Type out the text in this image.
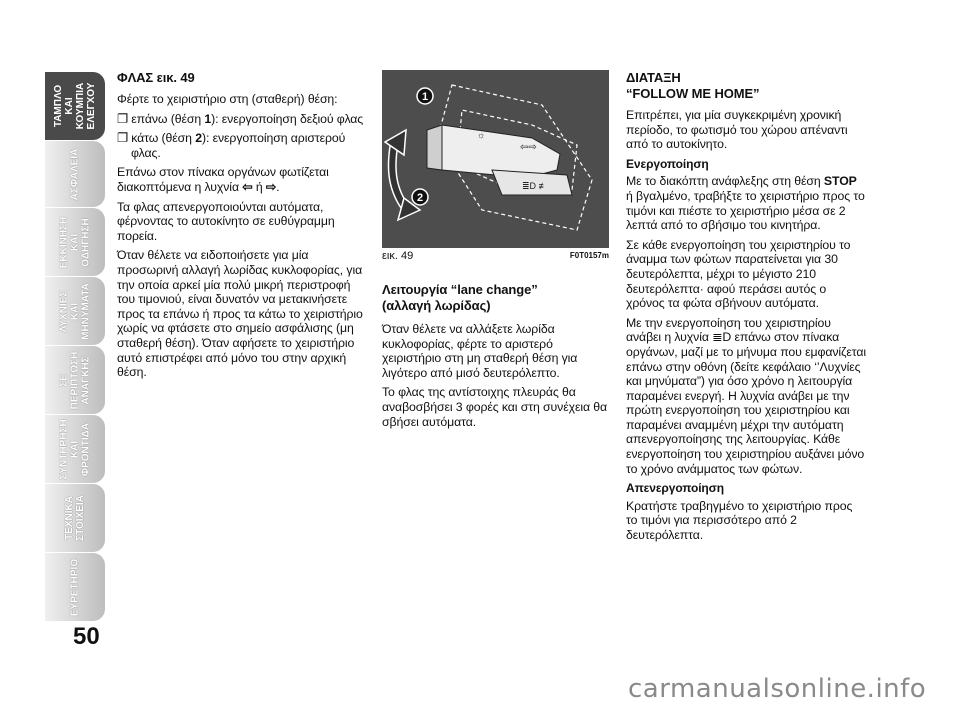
ΤΑΜΠΛΟ ΚΑΙ
ΚΟΥΜΠΙΑ
ΕΛΕΓΧΟΥ
ΑΣΦΑΛΕΙΑ
ΕΚΚΙΝΗΣΗ ΚΑΙ
ΟΔΗΓΗΣΗ
ΛΥΧΝΙΕΣ ΚΑΙ
ΜΗΝΥΜΑΤΑ
ΣΕ ΠΕΡΙΠΤΩΣΗ
ΑΝΑΓΚΗΣ
ΣΥΝΤΗΡΗΣΗ ΚΑΙ
ΦΡΟΝΤΙΔΑ
ΤΕΧΝΙΚΑ
ΣΤΟΙΧΕΙΑ
ΕΥΡΕΤΗΡΙΟ
50
ΦΛΑΣ εικ. 49

Φέρτε το χειριστήριο στη (σταθερή) θέση:

❐ επάνω (θέση 1): ενεργοποίηση δεξιού φλας

❐ κάτω (θέση 2): ενεργοποίηση αριστερού φλας.

Επάνω στον πίνακα οργάνων φωτίζεται διακοπτόμενα η λυχνία ⇦ ή ⇨.

Τα φλας απενεργοποιούνται αυτόματα, φέρνοντας το αυτοκίνητο σε ευθύγραμμη πορεία.

Όταν θέλετε να ειδοποιήσετε για μία προσωρινή αλλαγή λωρίδας κυκλοφορίας, για την οποία αρκεί μία πολύ μικρή περιστροφή του τιμονιού, είναι δυνατόν να μετακινήσετε προς τα επάνω ή προς τα κάτω το χειριστήριο χωρίς να φτάσετε στο σημείο ασφάλισης (μη σταθερή θέση). Όταν αφήσετε το χειριστήριο αυτό επιστρέφει από μόνο του στην αρχική θέση.

☼
⇦⇨
≣D ≢
1
2
εικ. 49	F0T0157m
Λειτουργία “lane change”
(αλλαγή λωρίδας)

Όταν θέλετε να αλλάξετε λωρίδα κυκλοφορίας, φέρτε το αριστερό χειριστήριο στη μη σταθερή θέση για λιγότερο από μισό δευτερόλεπτο.

Το φλας της αντίστοιχης πλευράς θα αναβοσβήσει 3 φορές και στη συνέχεια θα σβήσει αυτόματα.

ΔΙΑΤΑΞΗ
“FOLLOW ME HOME”

Επιτρέπει, για μία συγκεκριμένη χρονική περίοδο, το φωτισμό του χώρου απέναντι από το αυτοκίνητο.

Ενεργοποίηση

Με το διακόπτη ανάφλεξης στη θέση STOP ή βγαλμένο, τραβήξτε το χειριστήριο προς το τιμόνι και πιέστε το χειριστήριο μέσα σε 2 λεπτά από το σβήσιμο του κινητήρα.

Σε κάθε ενεργοποίηση του χειριστηρίου το άναμμα των φώτων παρατείνεται για 30 δευτερόλεπτα, μέχρι το μέγιστο 210 δευτερόλεπτα· αφού περάσει αυτός ο χρόνος τα φώτα σβήνουν αυτόματα.

Με την ενεργοποίηση του χειριστηρίου ανάβει η λυχνία ≣D επάνω στον πίνακα οργάνων, μαζί με το μήνυμα που εμφανίζεται επάνω στην οθόνη (δείτε κεφάλαιο ‘’Λυχνίες και μηνύματα”) για όσο χρόνο η λειτουργία παραμένει ενεργή. Η λυχνία ανάβει με την πρώτη ενεργοποίηση του χειριστηρίου και παραμένει αναμμένη μέχρι την αυτόματη απενεργοποίησης της λειτουργίας. Κάθε ενεργοποίηση του χειριστηρίου αυξάνει μόνο το χρόνο ανάμματος των φώτων.

Απενεργοποίηση

Κρατήστε τραβηγμένο το χειριστήριο προς το τιμόνι για περισσότερο από 2 δευτερόλεπτα.

carmanualsonline.info
